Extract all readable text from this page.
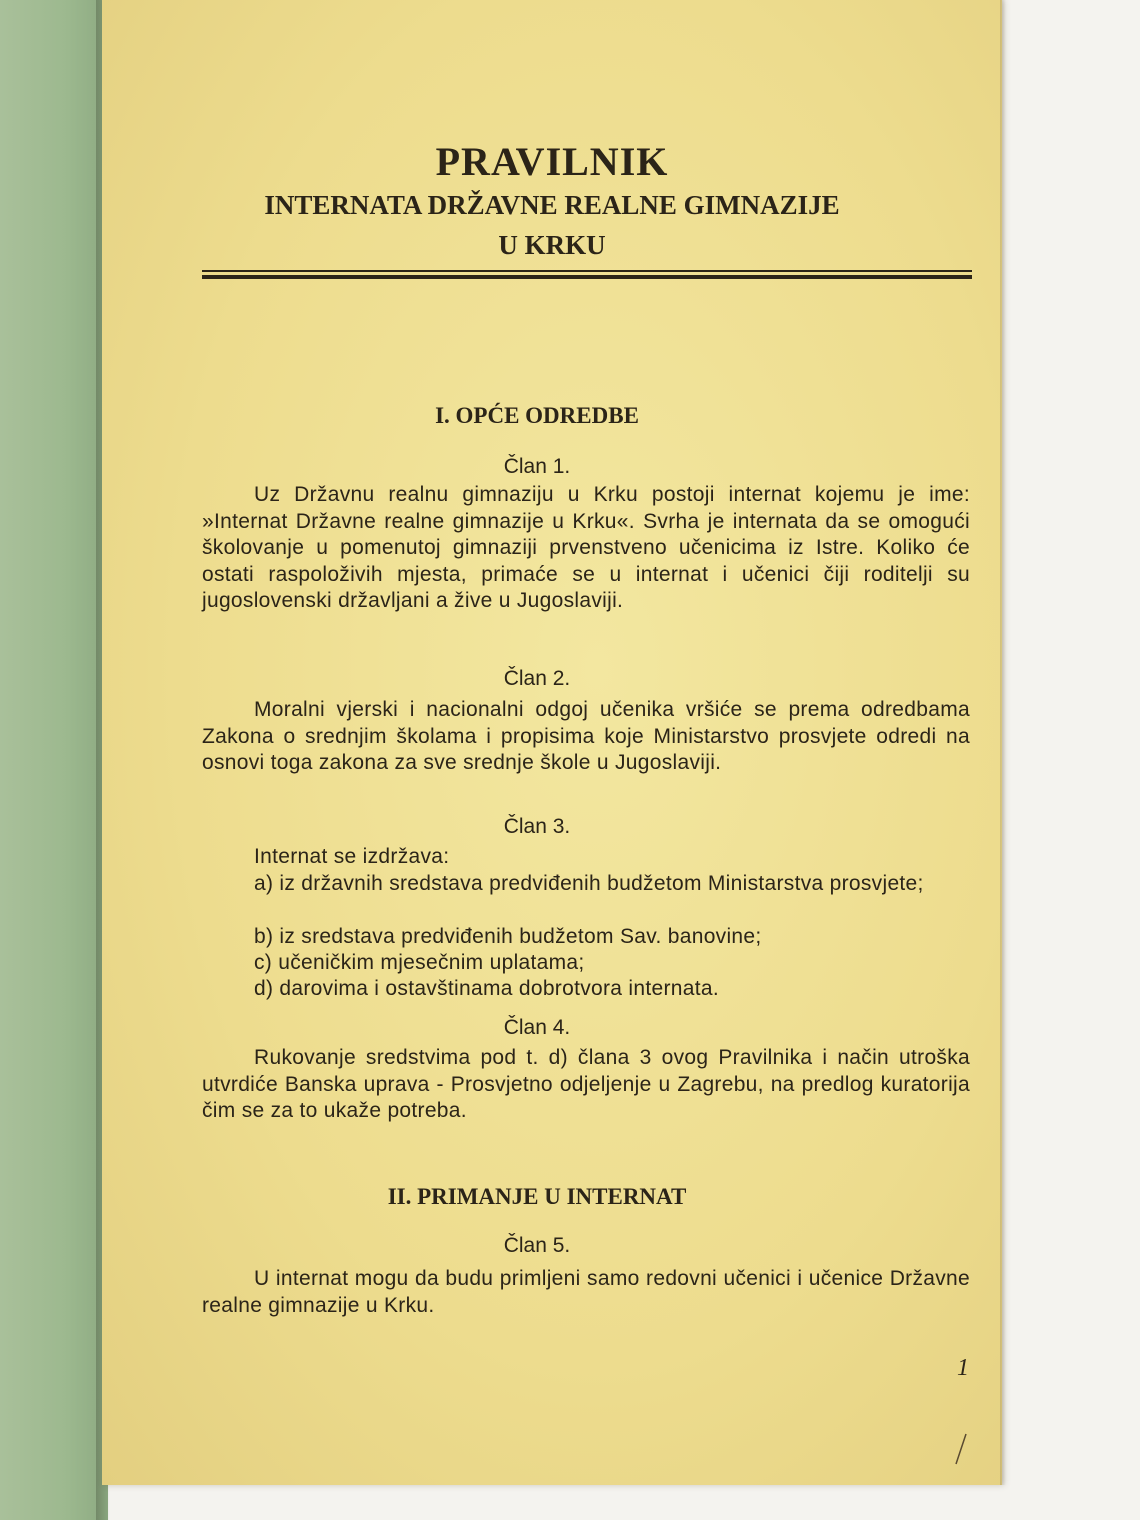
PRAVILNIK
INTERNATA DRŽAVNE REALNE GIMNAZIJE
U KRKU
I. OPĆE ODREDBE

Član 1.

Uz Državnu realnu gimnaziju u Krku postoji internat kojemu je ime: »Internat Državne realne gimnazije u Krku«. Svrha je internata da se omogući školovanje u pomenutoj gimnaziji prvenstveno učenicima iz Istre. Koliko će ostati raspoloživih mjesta, primaće se u internat i učenici čiji roditelji su jugoslovenski državljani a žive u Jugoslaviji.

Član 2.

Moralni vjerski i nacionalni odgoj učenika vršiće se prema odredbama Zakona o srednjim školama i propisima koje Ministarstvo prosvjete odredi na osnovi toga zakona za sve srednje škole u Jugoslaviji.

Član 3.

Internat se izdržava:

a) iz državnih sredstava predviđenih budžetom Ministarstva prosvjete;

b) iz sredstava predviđenih budžetom Sav. banovine;

c) učeničkim mjesečnim uplatama;

d) darovima i ostavštinama dobrotvora internata.

Član 4.

Rukovanje sredstvima pod t. d) člana 3 ovog Pravilnika i način utroška utvrdiće Banska uprava - Prosvjetno odjeljenje u Zagrebu, na predlog kuratorija čim se za to ukaže potreba.

II. PRIMANJE U INTERNAT

Član 5.

U internat mogu da budu primljeni samo redovni učenici i učenice Državne realne gimnazije u Krku.

1
